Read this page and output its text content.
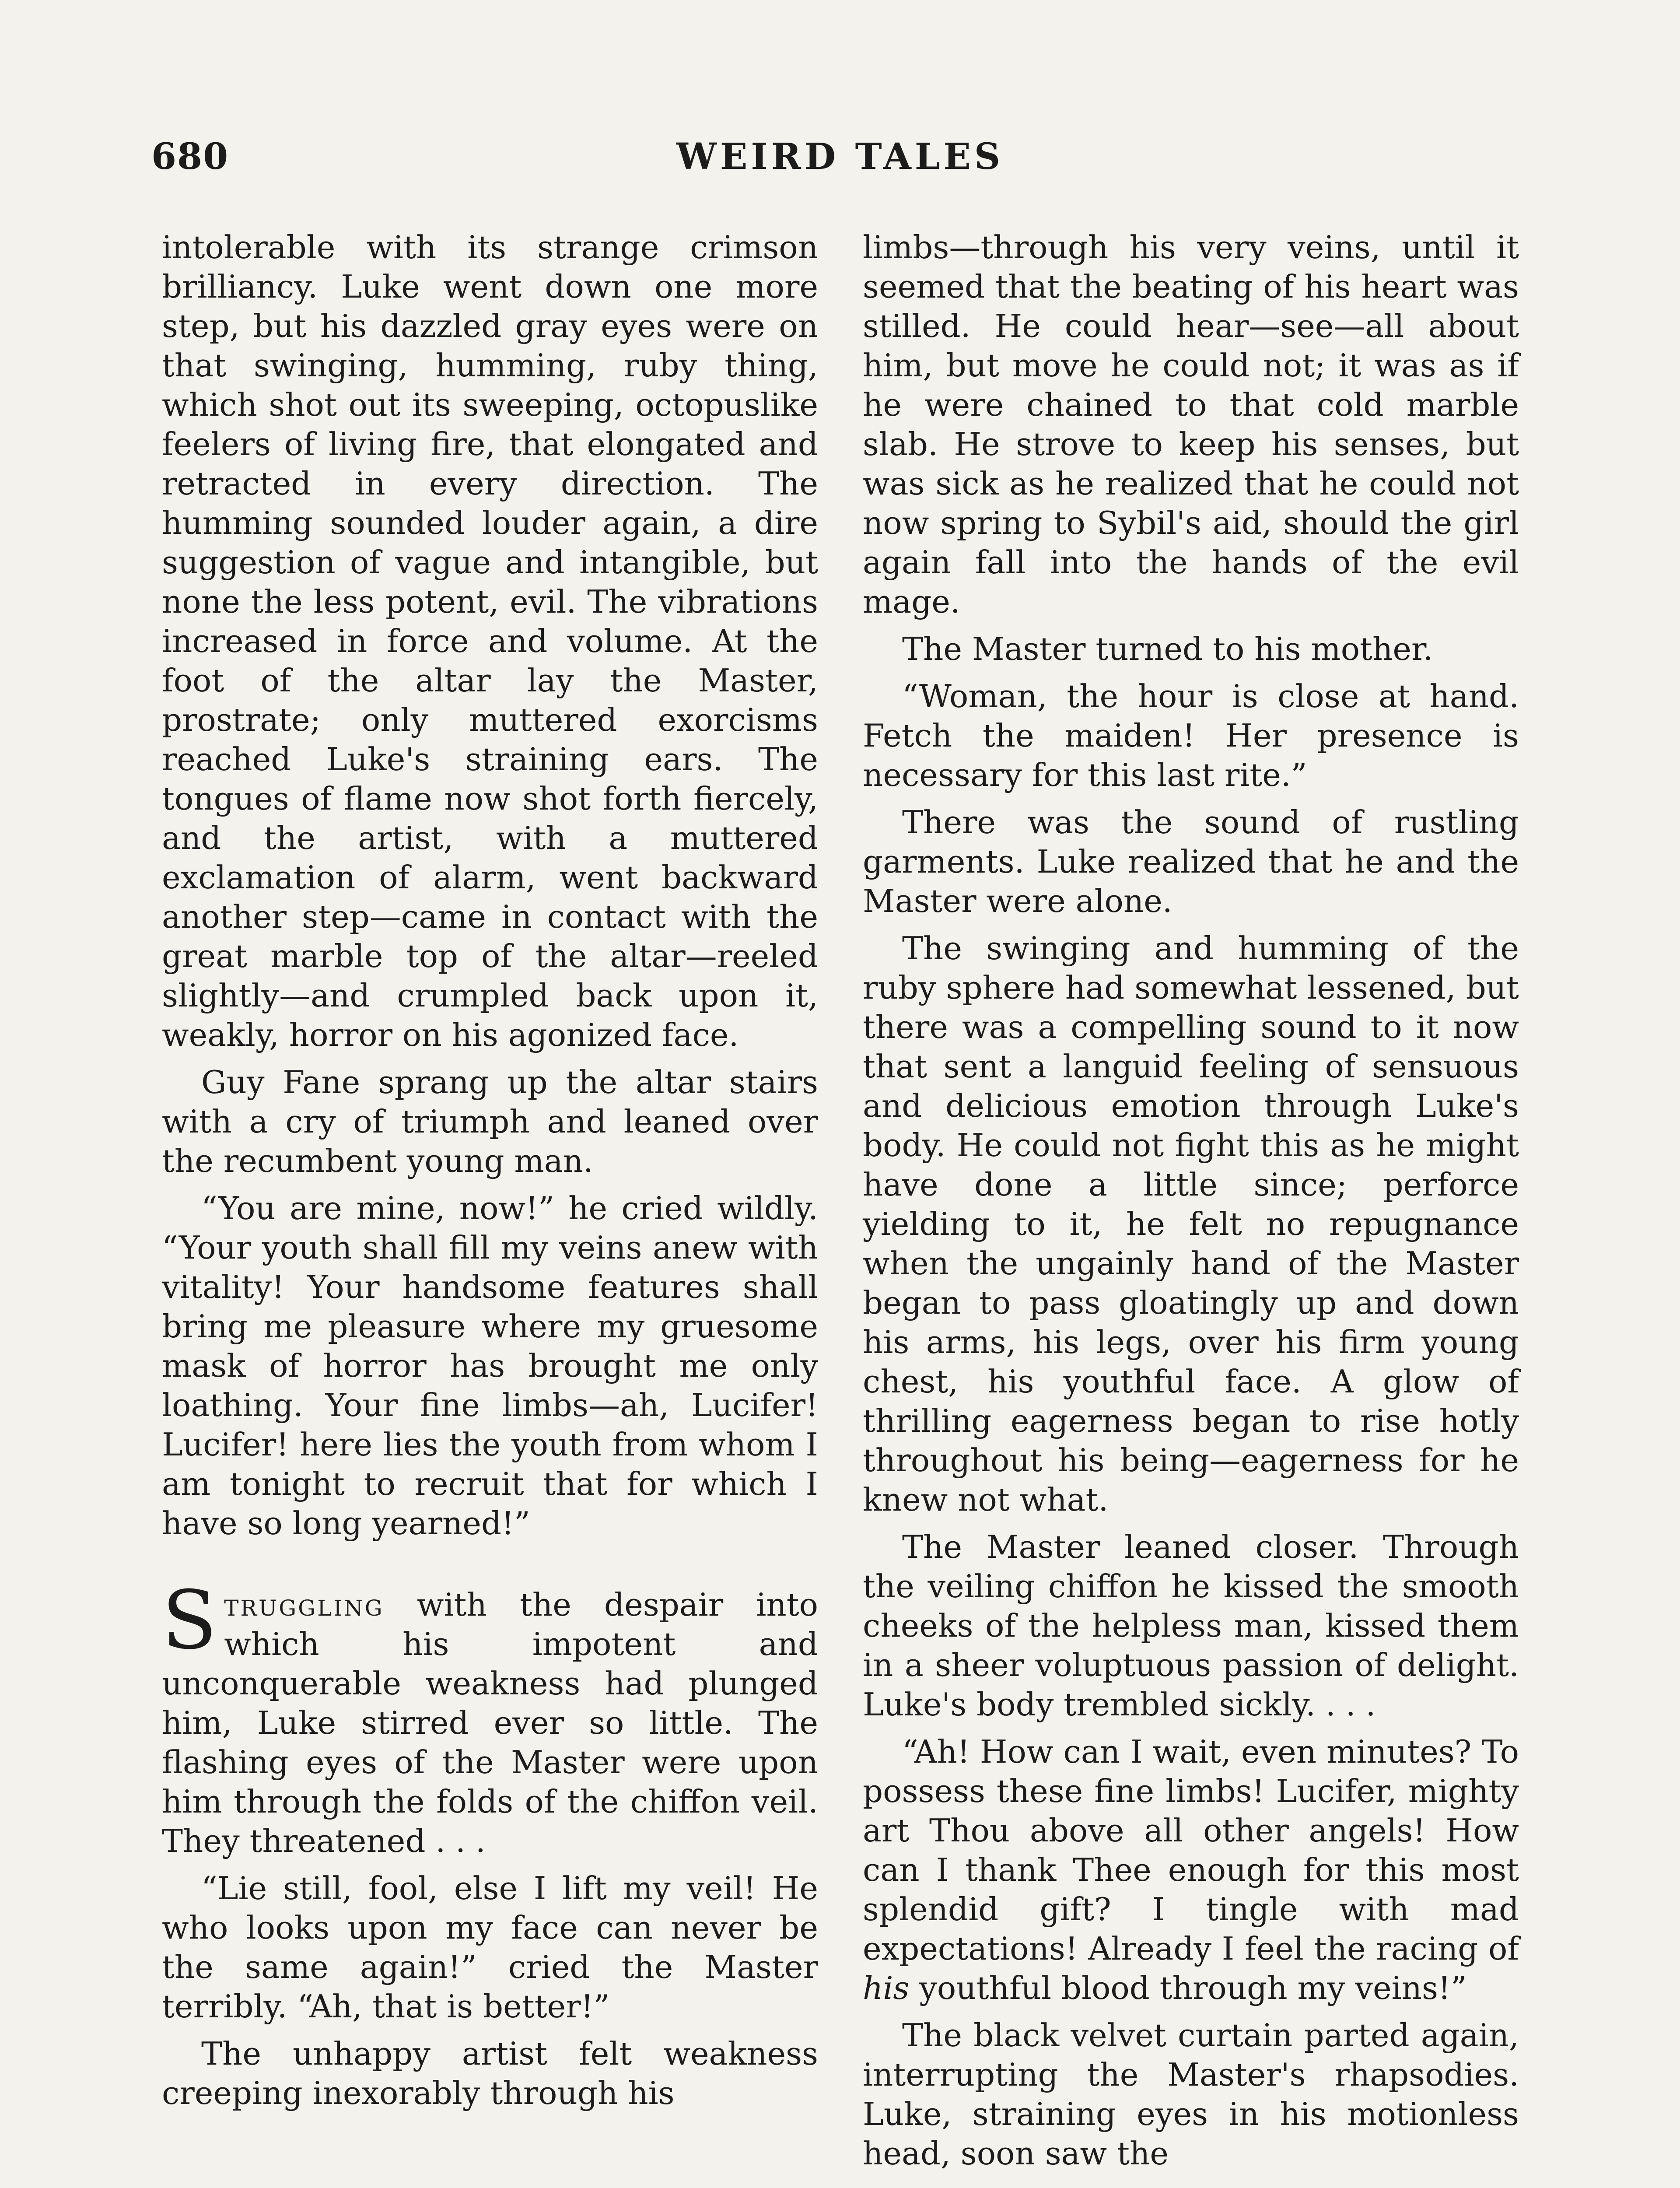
680	WEIRD TALES

intolerable with its strange crimson brilliancy. Luke went down one more step, but his dazzled gray eyes were on that swinging, humming, ruby thing, which shot out its sweeping, octopuslike feelers of living fire, that elongated and retracted in every direction. The humming sounded louder again, a dire suggestion of vague and intangible, but none the less potent, evil. The vibrations increased in force and volume. At the foot of the altar lay the Master, prostrate; only muttered exorcisms reached Luke's straining ears. The tongues of flame now shot forth fiercely, and the artist, with a muttered exclamation of alarm, went backward another step—came in contact with the great marble top of the altar—reeled slightly—and crumpled back upon it, weakly, horror on his agonized face.

Guy Fane sprang up the altar stairs with a cry of triumph and leaned over the recumbent young man.

“You are mine, now!” he cried wildly. “Your youth shall fill my veins anew with vitality! Your handsome features shall bring me pleasure where my gruesome mask of horror has brought me only loathing. Your fine limbs—ah, Lucifer! Lucifer! here lies the youth from whom I am tonight to recruit that for which I have so long yearned!”

Struggling with the despair into which his impotent and unconquerable weakness had plunged him, Luke stirred ever so little. The flashing eyes of the Master were upon him through the folds of the chiffon veil. They threatened . . .

“Lie still, fool, else I lift my veil! He who looks upon my face can never be the same again!” cried the Master terribly. “Ah, that is better!”

The unhappy artist felt weakness creeping inexorably through his

limbs—through his very veins, until it seemed that the beating of his heart was stilled. He could hear—see—all about him, but move he could not; it was as if he were chained to that cold marble slab. He strove to keep his senses, but was sick as he realized that he could not now spring to Sybil's aid, should the girl again fall into the hands of the evil mage.

The Master turned to his mother.

“Woman, the hour is close at hand. Fetch the maiden! Her presence is necessary for this last rite.”

There was the sound of rustling garments. Luke realized that he and the Master were alone.

The swinging and humming of the ruby sphere had somewhat lessened, but there was a compelling sound to it now that sent a languid feeling of sensuous and delicious emotion through Luke's body. He could not fight this as he might have done a little since; perforce yielding to it, he felt no repugnance when the ungainly hand of the Master began to pass gloatingly up and down his arms, his legs, over his firm young chest, his youthful face. A glow of thrilling eagerness began to rise hotly throughout his being—eagerness for he knew not what.

The Master leaned closer. Through the veiling chiffon he kissed the smooth cheeks of the helpless man, kissed them in a sheer voluptuous passion of delight. Luke's body trembled sickly. . . .

“Ah! How can I wait, even minutes? To possess these fine limbs! Lucifer, mighty art Thou above all other angels! How can I thank Thee enough for this most splendid gift? I tingle with mad expectations! Already I feel the racing of his youthful blood through my veins!”

The black velvet curtain parted again, interrupting the Master's rhapsodies. Luke, straining eyes in his motionless head, soon saw the
